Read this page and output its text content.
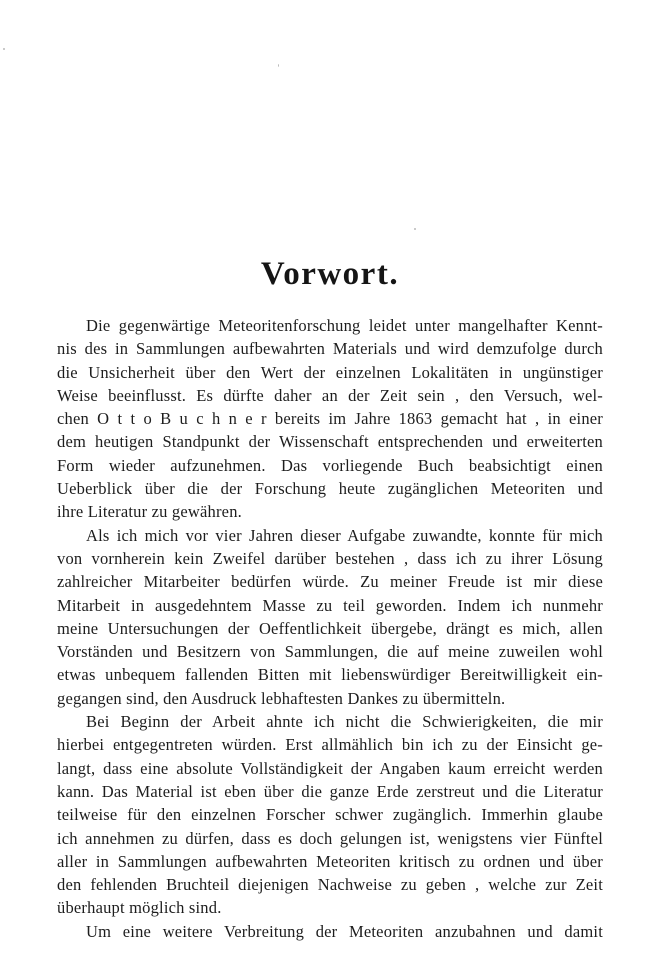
Vorwort.
Die gegenwärtige Meteoritenforschung leidet unter mangelhafter Kennt-
nis des in Sammlungen aufbewahrten Materials und wird demzufolge durch
die Unsicherheit über den Wert der einzelnen Lokalitäten in ungünstiger
Weise beeinflusst. Es dürfte daher an der Zeit sein , den Versuch, wel-
chen O t t o B u c h n e r bereits im Jahre 1863 gemacht hat , in einer
dem heutigen Standpunkt der Wissenschaft entsprechenden und erweiterten
Form wieder aufzunehmen. Das vorliegende Buch beabsichtigt einen
Ueberblick über die der Forschung heute zugänglichen Meteoriten und
ihre Literatur zu gewähren.
Als ich mich vor vier Jahren dieser Aufgabe zuwandte, konnte für mich
von vornherein kein Zweifel darüber bestehen , dass ich zu ihrer Lösung
zahlreicher Mitarbeiter bedürfen würde. Zu meiner Freude ist mir diese
Mitarbeit in ausgedehntem Masse zu teil geworden. Indem ich nunmehr
meine Untersuchungen der Oeffentlichkeit übergebe, drängt es mich, allen
Vorständen und Besitzern von Sammlungen, die auf meine zuweilen wohl
etwas unbequem fallenden Bitten mit liebenswürdiger Bereitwilligkeit ein-
gegangen sind, den Ausdruck lebhaftesten Dankes zu übermitteln.
Bei Beginn der Arbeit ahnte ich nicht die Schwierigkeiten, die mir
hierbei entgegentreten würden. Erst allmählich bin ich zu der Einsicht ge-
langt, dass eine absolute Vollständigkeit der Angaben kaum erreicht werden
kann. Das Material ist eben über die ganze Erde zerstreut und die Literatur
teilweise für den einzelnen Forscher schwer zugänglich. Immerhin glaube
ich annehmen zu dürfen, dass es doch gelungen ist, wenigstens vier Fünftel
aller in Sammlungen aufbewahrten Meteoriten kritisch zu ordnen und über
den fehlenden Bruchteil diejenigen Nachweise zu geben , welche zur Zeit
überhaupt möglich sind.
Um eine weitere Verbreitung der Meteoriten anzubahnen und damit
